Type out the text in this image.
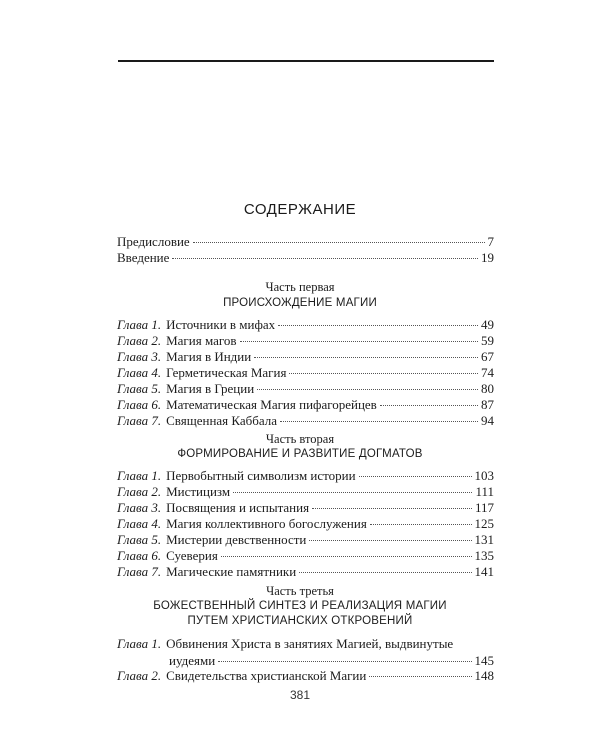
СОДЕРЖАНИЕ
Предисловие	7
Введение	19
Часть первая
ПРОИСХОЖДЕНИЕ МАГИИ
Глава 1. Источники в мифах	49
Глава 2. Магия магов	59
Глава 3. Магия в Индии	67
Глава 4. Герметическая Магия	74
Глава 5. Магия в Греции	80
Глава 6. Математическая Магия пифагорейцев	87
Глава 7. Священная Каббала	94
Часть вторая
ФОРМИРОВАНИЕ И РАЗВИТИЕ ДОГМАТОВ
Глава 1. Первобытный символизм истории	103
Глава 2. Мистицизм	111
Глава 3. Посвящения и испытания	117
Глава 4. Магия коллективного богослужения	125
Глава 5. Мистерии девственности	131
Глава 6. Суеверия	135
Глава 7. Магические памятники	141
Часть третья
БОЖЕСТВЕННЫЙ СИНТЕЗ И РЕАЛИЗАЦИЯ МАГИИ
ПУТЕМ ХРИСТИАНСКИХ ОТКРОВЕНИЙ
Глава 1. Обвинения Христа в занятиях Магией, выдвинутые
иудеями	145
Глава 2. Свидетельства христианской Магии	148
381
